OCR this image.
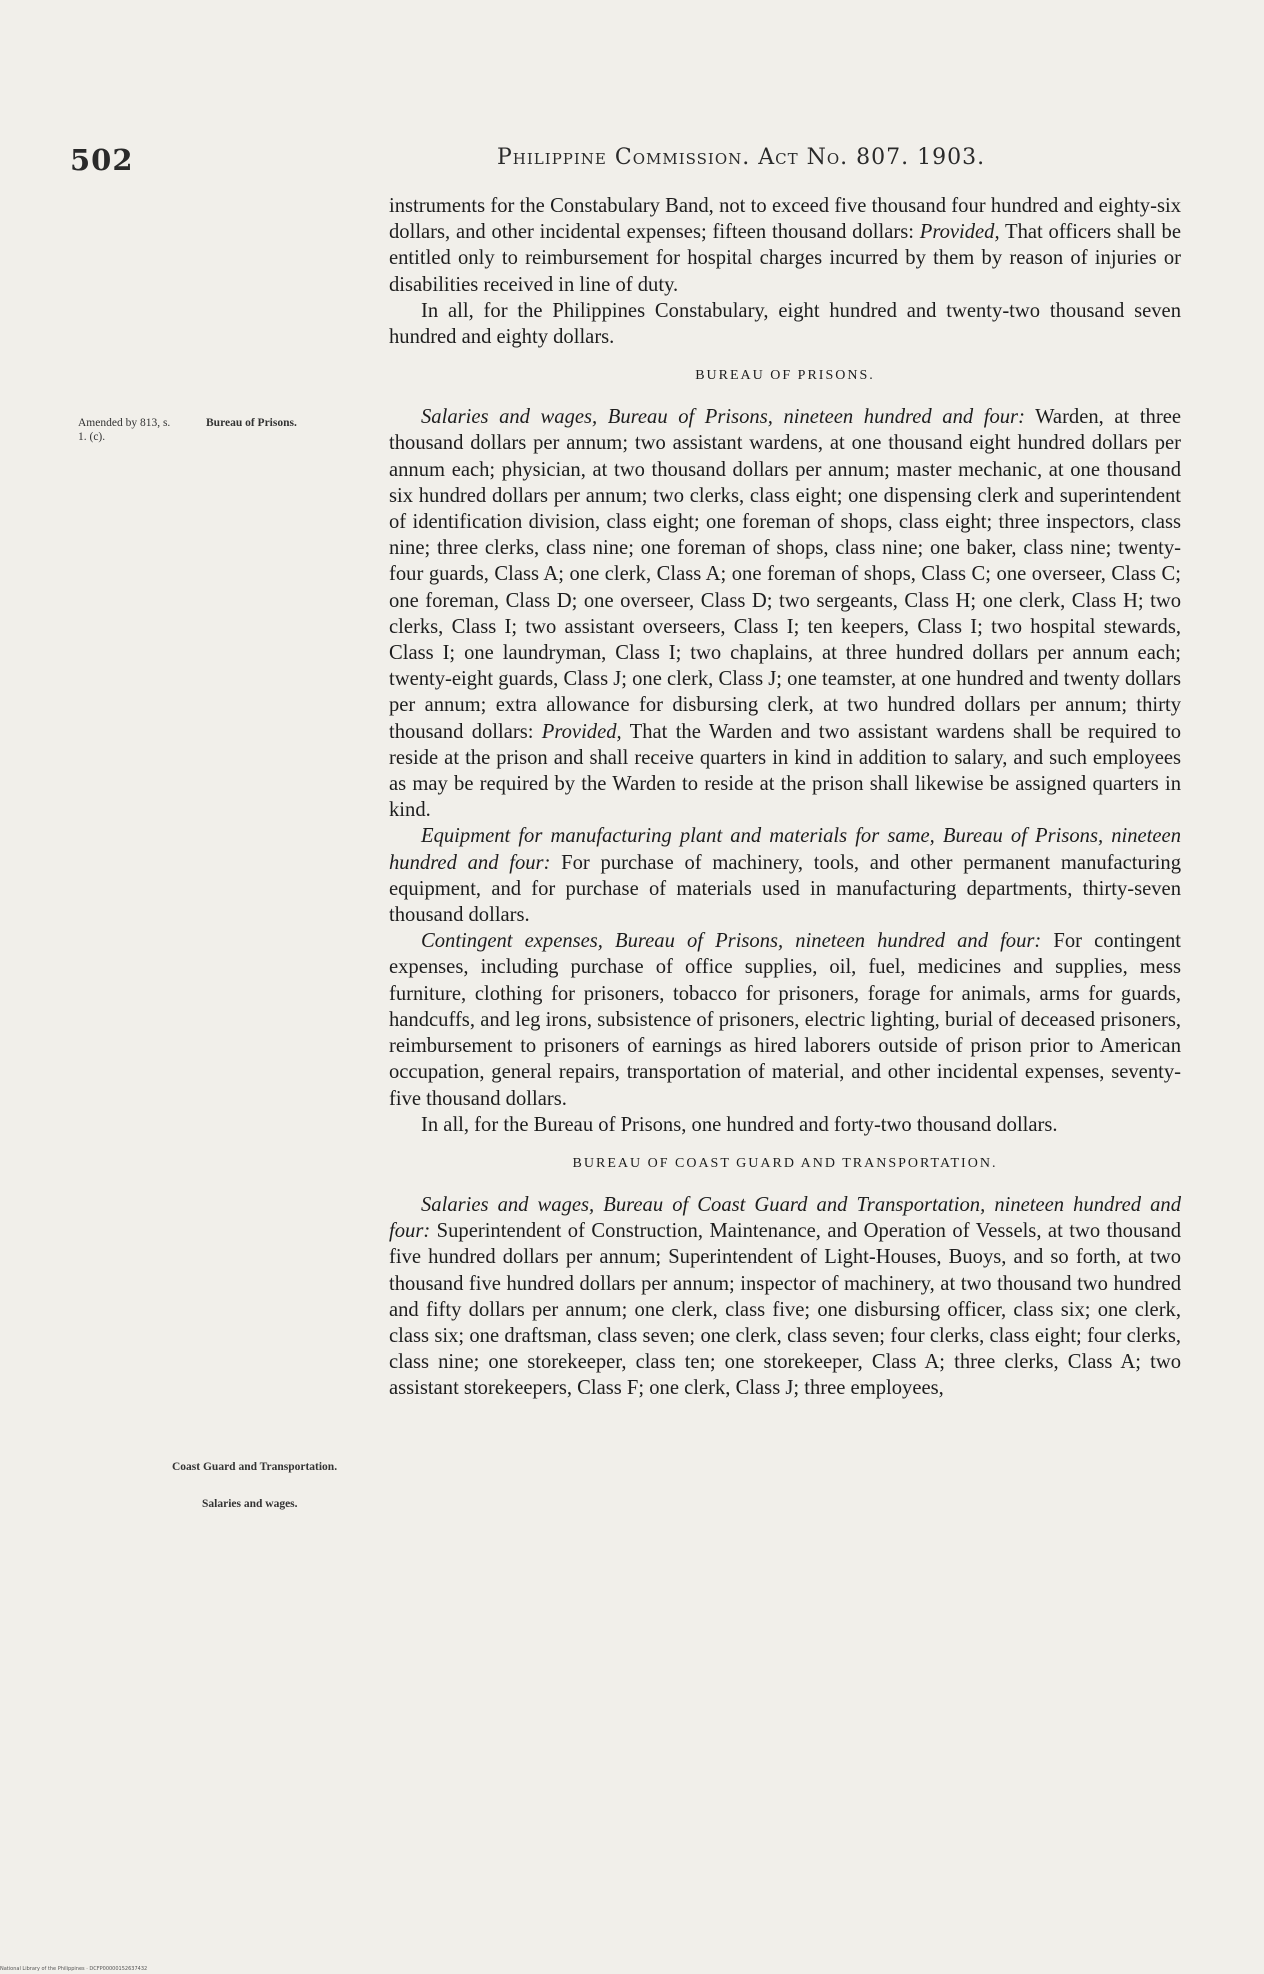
502	Philippine Commission. Act No. 807. 1903.
Amended by 813, s. 1. (c).
Bureau of Prisons.
Coast Guard and Transportation.
Salaries and wages.

instruments for the Constabulary Band, not to exceed five thousand four hundred and eighty-six dollars, and other incidental expenses; fifteen thousand dollars: Provided, That officers shall be entitled only to reimbursement for hospital charges incurred by them by reason of injuries or disabilities received in line of duty.

In all, for the Philippines Constabulary, eight hundred and twenty-two thousand seven hundred and eighty dollars.

BUREAU OF PRISONS.

Salaries and wages, Bureau of Prisons, nineteen hundred and four: Warden, at three thousand dollars per annum; two assistant wardens, at one thousand eight hundred dollars per annum each; physician, at two thousand dollars per annum; master mechanic, at one thousand six hundred dollars per annum; two clerks, class eight; one dispensing clerk and superintendent of identification division, class eight; one foreman of shops, class eight; three inspectors, class nine; three clerks, class nine; one foreman of shops, class nine; one baker, class nine; twenty-four guards, Class A; one clerk, Class A; one foreman of shops, Class C; one overseer, Class C; one foreman, Class D; one overseer, Class D; two sergeants, Class H; one clerk, Class H; two clerks, Class I; two assistant overseers, Class I; ten keepers, Class I; two hospital stewards, Class I; one laundryman, Class I; two chaplains, at three hundred dollars per annum each; twenty-eight guards, Class J; one clerk, Class J; one teamster, at one hundred and twenty dollars per annum; extra allowance for disbursing clerk, at two hundred dollars per annum; thirty thousand dollars: Provided, That the Warden and two assistant wardens shall be required to reside at the prison and shall receive quarters in kind in addition to salary, and such employees as may be required by the Warden to reside at the prison shall likewise be assigned quarters in kind.

Equipment for manufacturing plant and materials for same, Bureau of Prisons, nineteen hundred and four: For purchase of machinery, tools, and other permanent manufacturing equipment, and for purchase of materials used in manufacturing departments, thirty-seven thousand dollars.

Contingent expenses, Bureau of Prisons, nineteen hundred and four: For contingent expenses, including purchase of office supplies, oil, fuel, medicines and supplies, mess furniture, clothing for prisoners, tobacco for prisoners, forage for animals, arms for guards, handcuffs, and leg irons, subsistence of prisoners, electric lighting, burial of deceased prisoners, reimbursement to prisoners of earnings as hired laborers outside of prison prior to American occupation, general repairs, transportation of material, and other incidental expenses, seventy-five thousand dollars.

In all, for the Bureau of Prisons, one hundred and forty-two thousand dollars.

BUREAU OF COAST GUARD AND TRANSPORTATION.

Salaries and wages, Bureau of Coast Guard and Transportation, nineteen hundred and four: Superintendent of Construction, Maintenance, and Operation of Vessels, at two thousand five hundred dollars per annum; Superintendent of Light-Houses, Buoys, and so forth, at two thousand five hundred dollars per annum; inspector of machinery, at two thousand two hundred and fifty dollars per annum; one clerk, class five; one disbursing officer, class six; one clerk, class six; one draftsman, class seven; one clerk, class seven; four clerks, class eight; four clerks, class nine; one storekeeper, class ten; one storekeeper, Class A; three clerks, Class A; two assistant storekeepers, Class F; one clerk, Class J; three employees,

National Library of the Philippines · DCFP00000152637432
